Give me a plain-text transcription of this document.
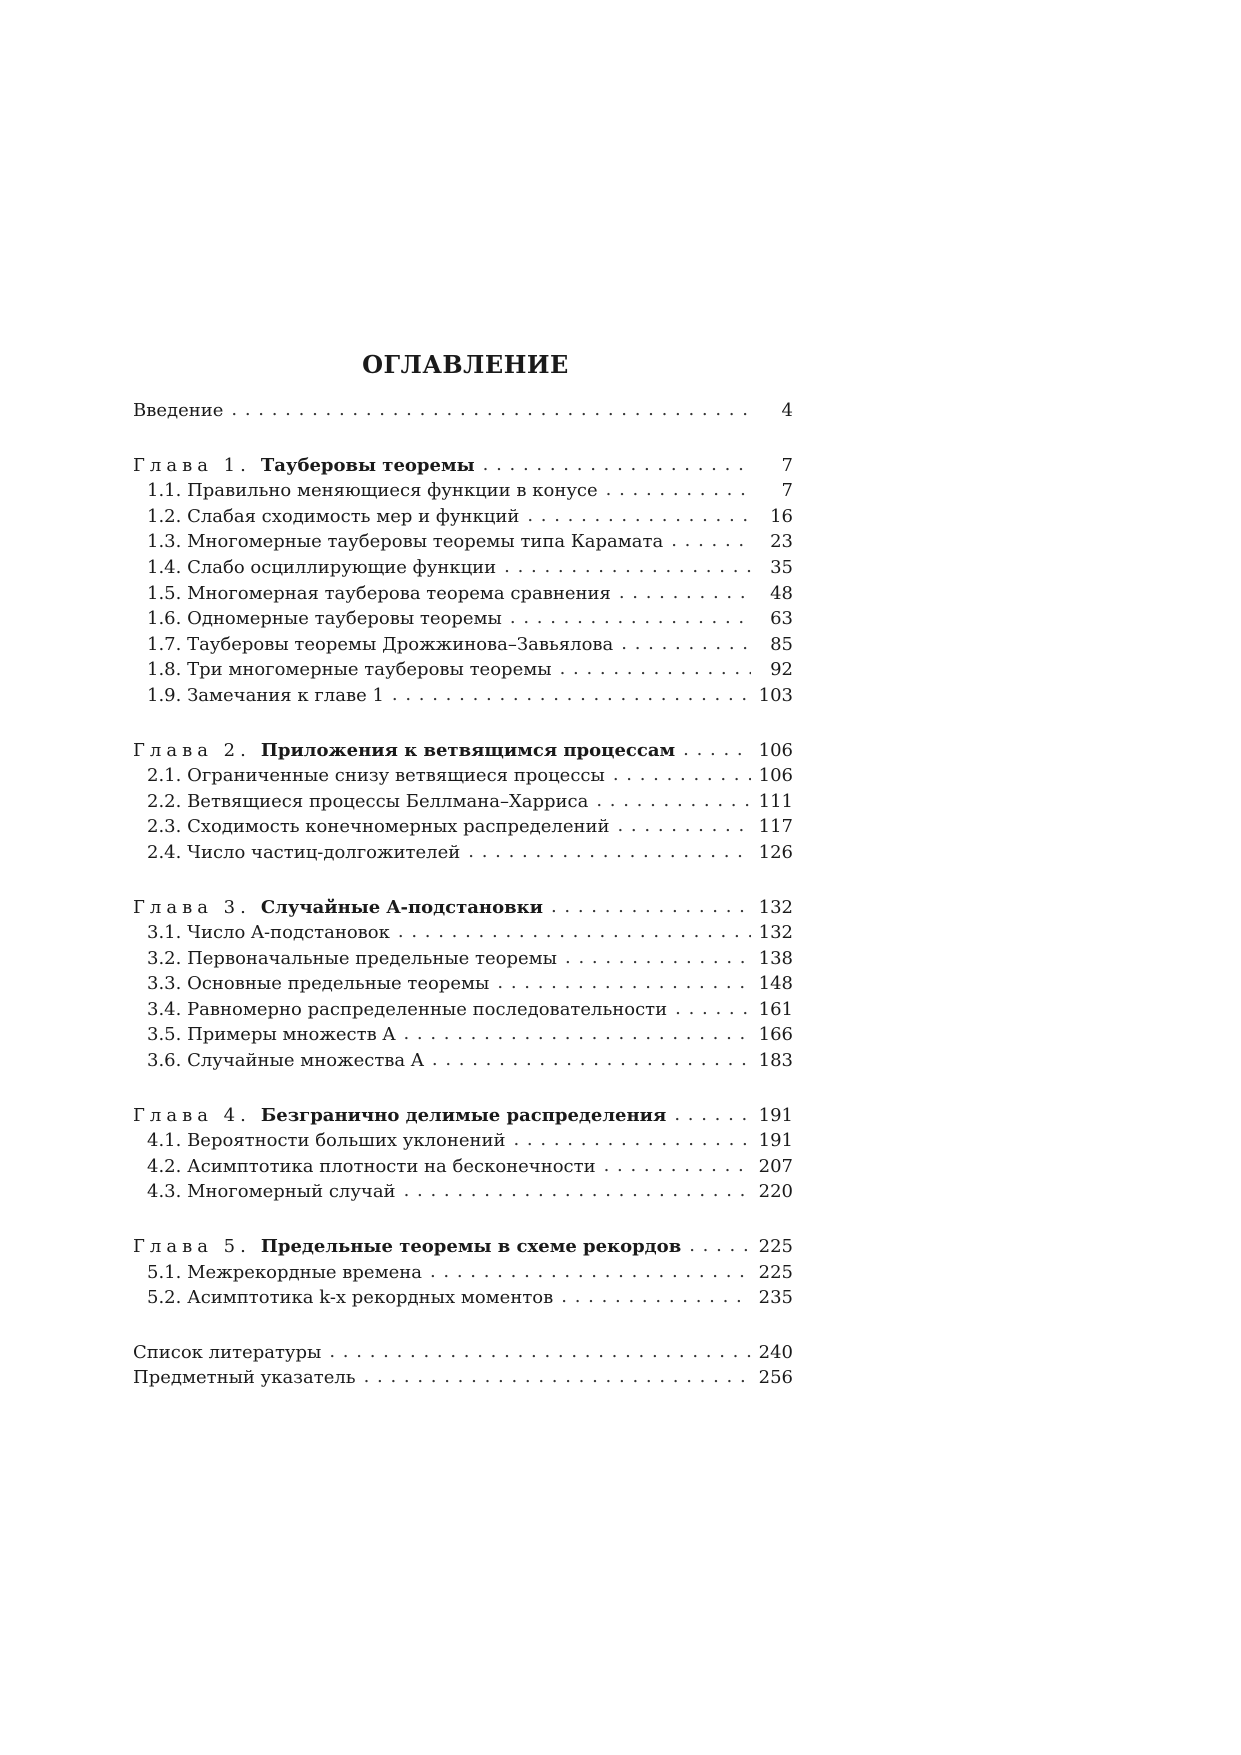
ОГЛАВЛЕНИЕ
Введение . . .	4
Глава 1. Тауберовы теоремы . . .	7
1.1. Правильно меняющиеся функции в конусе . . .	7
1.2. Слабая сходимость мер и функций . . .	16
1.3. Многомерные тауберовы теоремы типа Карамата . . .	23
1.4. Слабо осциллирующие функции . . .	35
1.5. Многомерная тауберова теорема сравнения . . .	48
1.6. Одномерные тауберовы теоремы . . .	63
1.7. Тауберовы теоремы Дрожжинова–Завьялова . . .	85
1.8. Три многомерные тауберовы теоремы . . .	92
1.9. Замечания к главе 1 . . .	103
Глава 2. Приложения к ветвящимся процессам . . .	106
2.1. Ограниченные снизу ветвящиеся процессы . . .	106
2.2. Ветвящиеся процессы Беллмана–Харриса . . .	111
2.3. Сходимость конечномерных распределений . . .	117
2.4. Число частиц-долгожителей . . .	126
Глава 3. Случайные A-подстановки . . .	132
3.1. Число A-подстановок . . .	132
3.2. Первоначальные предельные теоремы . . .	138
3.3. Основные предельные теоремы . . .	148
3.4. Равномерно распределенные последовательности . . .	161
3.5. Примеры множеств A . . .	166
3.6. Случайные множества A . . .	183
Глава 4. Безгранично делимые распределения . . .	191
4.1. Вероятности больших уклонений . . .	191
4.2. Асимптотика плотности на бесконечности . . .	207
4.3. Многомерный случай . . .	220
Глава 5. Предельные теоремы в схеме рекордов . . .	225
5.1. Межрекордные времена . . .	225
5.2. Асимптотика k-х рекордных моментов . . .	235
Список литературы . . .	240
Предметный указатель . . .	256
